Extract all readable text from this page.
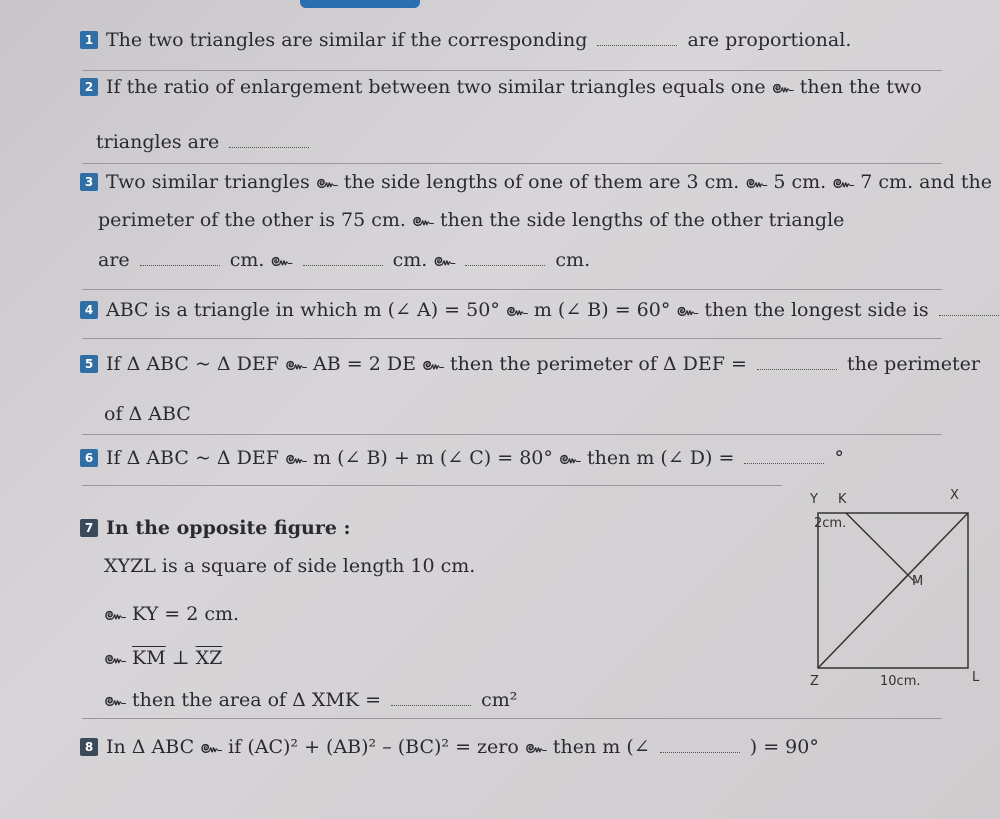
1 The two triangles are similar if the corresponding	are proportional.
2 If the ratio of enlargement between two similar triangles equals one ๛ then the two
triangles are
3 Two similar triangles ๛ the side lengths of one of them are 3 cm. ๛ 5 cm. ๛ 7 cm. and the
perimeter of the other is 75 cm. ๛ then the side lengths of the other triangle
are	cm. ๛	cm. ๛	cm.
4 ABC is a triangle in which m (∠ A) = 50° ๛ m (∠ B) = 60° ๛ then the longest side is
5 If Δ ABC ~ Δ DEF ๛ AB = 2 DE ๛ then the perimeter of Δ DEF =	the perimeter
of Δ ABC
6 If Δ ABC ~ Δ DEF ๛ m (∠ B) + m (∠ C) = 80° ๛ then m (∠ D) =	°
7 In the opposite figure :
XYZL is a square of side length 10 cm.
๛ KY = 2 cm.
๛ $\overline{KM}$ ⊥ $\overline{XZ}$
๛ then the area of Δ XMK =	cm²
Y K	X
M
Z	L
2cm.
10cm.
8 In Δ ABC ๛ if (AC)² + (AB)² – (BC)² = zero ๛ then m (∠	) = 90°
